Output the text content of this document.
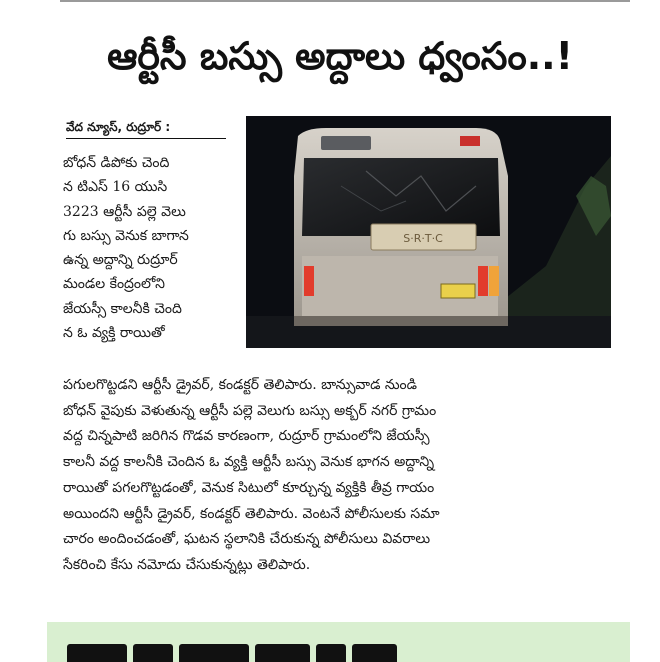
ఆర్టీసీ బస్సు అద్దాలు ధ్వంసం..!
వేద న్యూస్, రుద్రూర్ :
S·R·T·C
బోధన్ డిపోకు చెంది
న టిఎస్ 16 యుసి
3223 ఆర్టీసీ పల్లె వెలు
గు బస్సు వెనుక బాగాన
ఉన్న అద్దాన్ని రుద్రూర్
మండల కేంద్రంలోని
జేయస్సీ కాలనీకి చెంది
న ఓ వ్యక్తి రాయితో
పగులగొట్టడని ఆర్టీసీ డ్రైవర్, కండక్టర్ తెలిపారు. బాన్సువాడ నుండి
బోధన్ వైపుకు వెళుతున్న ఆర్టీసీ పల్లె వెలుగు బస్సు అక్బర్ నగర్ గ్రామం
వద్ద చిన్నపాటి జరిగిన గొడవ కారణంగా, రుద్రూర్ గ్రామంలోని జేయస్సీ
కాలనీ వద్ద కాలనీకి చెందిన ఓ వ్యక్తి ఆర్టీసీ బస్సు వెనుక భాగన అద్దాన్ని
రాయితో పగలగొట్టడంతో, వెనుక సిటులో కూర్చున్న వ్యక్తికి తీవ్ర గాయం
అయిందని ఆర్టీసీ డ్రైవర్, కండక్టర్ తెలిపారు. వెంటనే పోలీసులకు సమా
చారం అందించడంతో, ఘటన స్థలానికి చేరుకున్న పోలీసులు వివరాలు
సేకరించి కేసు నమోదు చేసుకున్నట్లు తెలిపారు.
